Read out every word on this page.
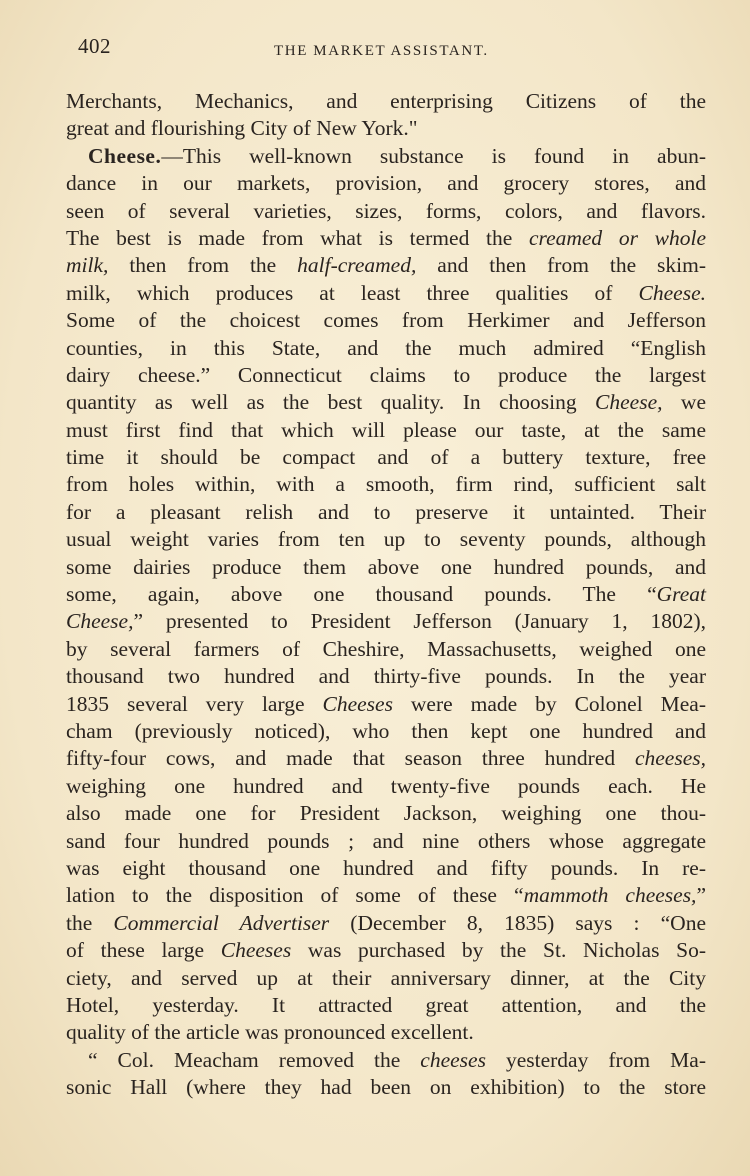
402	THE MARKET ASSISTANT.
Merchants, Mechanics, and enterprising Citizens of the
great and flourishing City of New York."
Cheese.—This well-known substance is found in abun-
dance in our markets, provision, and grocery stores, and
seen of several varieties, sizes, forms, colors, and flavors.
The best is made from what is termed the creamed or whole
milk, then from the half-creamed, and then from the skim-
milk, which produces at least three qualities of Cheese.
Some of the choicest comes from Herkimer and Jefferson
counties, in this State, and the much admired “English
dairy cheese.” Connecticut claims to produce the largest
quantity as well as the best quality. In choosing Cheese, we
must first find that which will please our taste, at the same
time it should be compact and of a buttery texture, free
from holes within, with a smooth, firm rind, sufficient salt
for a pleasant relish and to preserve it untainted. Their
usual weight varies from ten up to seventy pounds, although
some dairies produce them above one hundred pounds, and
some, again, above one thousand pounds. The “Great
Cheese,” presented to President Jefferson (January 1, 1802),
by several farmers of Cheshire, Massachusetts, weighed one
thousand two hundred and thirty-five pounds. In the year
1835 several very large Cheeses were made by Colonel Mea-
cham (previously noticed), who then kept one hundred and
fifty-four cows, and made that season three hundred cheeses,
weighing one hundred and twenty-five pounds each. He
also made one for President Jackson, weighing one thou-
sand four hundred pounds ; and nine others whose aggregate
was eight thousand one hundred and fifty pounds. In re-
lation to the disposition of some of these “mammoth cheeses,”
the Commercial Advertiser (December 8, 1835) says : “One
of these large Cheeses was purchased by the St. Nicholas So-
ciety, and served up at their anniversary dinner, at the City
Hotel, yesterday. It attracted great attention, and the
quality of the article was pronounced excellent.
“ Col. Meacham removed the cheeses yesterday from Ma-
sonic Hall (where they had been on exhibition) to the store
